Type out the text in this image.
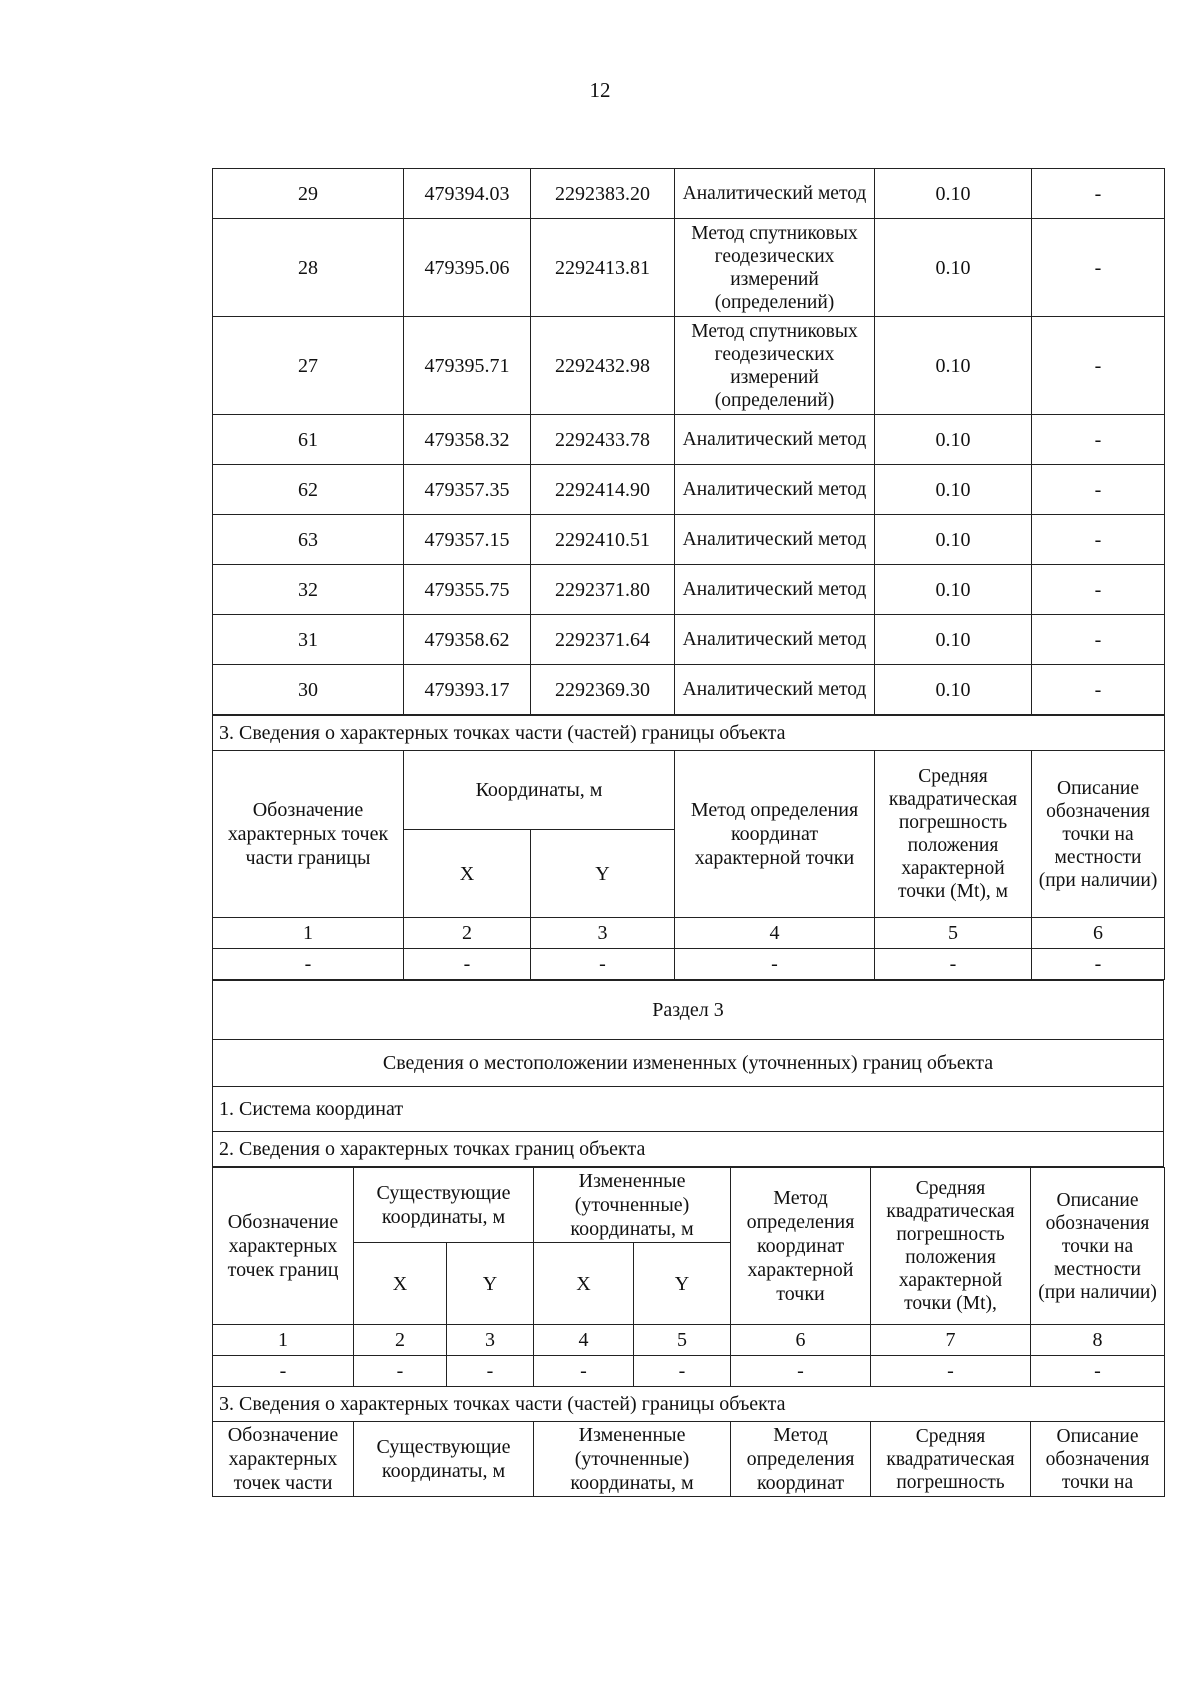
12
29	479394.03	2292383.20	Аналитический метод	0.10	-
28	479395.06	2292413.81	Метод спутниковых геодезических измерений (определений)	0.10	-
27	479395.71	2292432.98	Метод спутниковых геодезических измерений (определений)	0.10	-
61	479358.32	2292433.78	Аналитический метод	0.10	-
62	479357.35	2292414.90	Аналитический метод	0.10	-
63	479357.15	2292410.51	Аналитический метод	0.10	-
32	479355.75	2292371.80	Аналитический метод	0.10	-
31	479358.62	2292371.64	Аналитический метод	0.10	-
30	479393.17	2292369.30	Аналитический метод	0.10	-
3. Сведения о характерных точках части (частей) границы объекта					
Обозначение характерных точек части границы	Координаты, м		Метод определения координат характерной точки	Средняя квадратическая погрешность положения характерной точки (Mt), м	Описание обозначения точки на местности (при наличии)
	X	Y			
1	2	3	4	5	6
-	-	-	-	-	-
Раздел 3
Сведения о местоположении измененных (уточненных) границ объекта
1. Система координат
2. Сведения о характерных точках границ объекта
Обозначение характерных точек границ	Существующие координаты, м		Измененные (уточненные) координаты, м		Метод определения координат характерной точки	Средняя квадратическая погрешность положения характерной точки (Mt),	Описание обозначения точки на местности (при наличии)
	X	Y	X	Y			
1	2	3	4	5	6	7	8
-	-	-	-	-	-	-	-
3. Сведения о характерных точках части (частей) границы объекта							
Обозначение характерных точек части	Существующие координаты, м		Измененные (уточненные) координаты, м		Метод определения координат	Средняя квадратическая погрешность	Описание обозначения точки на
